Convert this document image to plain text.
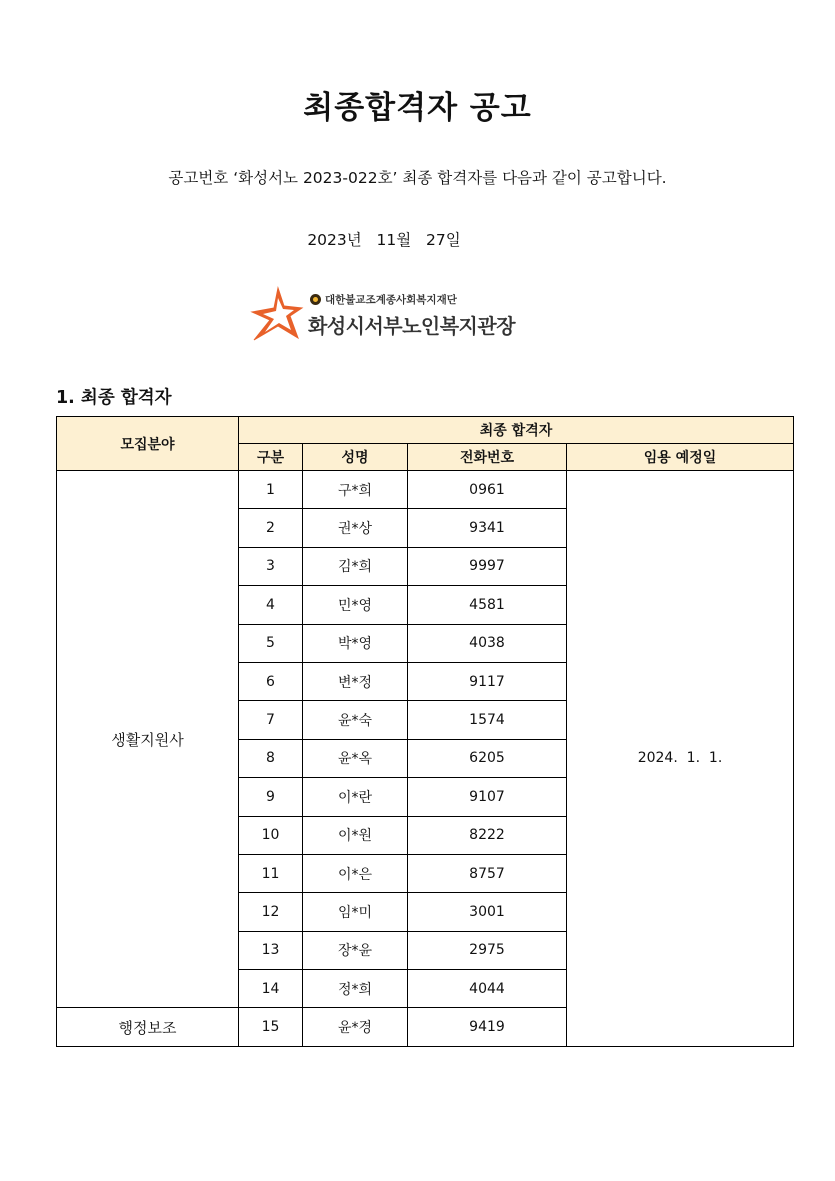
최종합격자 공고
공고번호 ‘화성서노 2023-022호’ 최종 합격자를 다음과 같이 공고합니다.
2023년   11월   27일
대한불교조계종사회복지재단
화성시서부노인복지관장
1. 최종 합격자
모집분야	최종 합격자			
	구분	성명	전화번호	임용 예정일
생활지원사	1	구*희	0961	2024.  1.  1.
	2	권*상	9341	
	3	김*희	9997	
	4	민*영	4581	
	5	박*영	4038	
	6	변*정	9117	
	7	윤*숙	1574	
	8	윤*옥	6205	
	9	이*란	9107	
	10	이*원	8222	
	11	이*은	8757	
	12	임*미	3001	
	13	장*윤	2975	
	14	정*희	4044	
행정보조	15	윤*경	9419	
